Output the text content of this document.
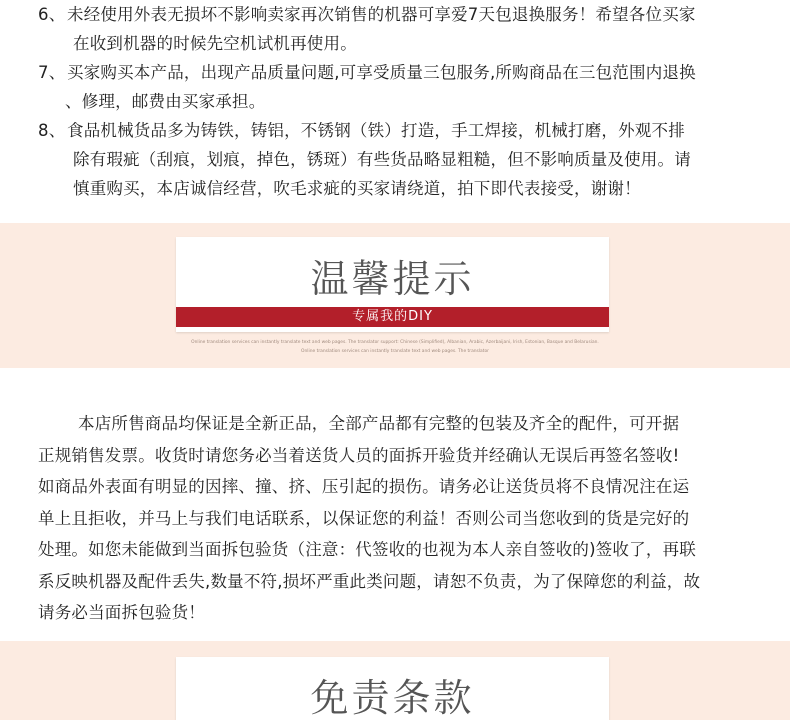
6、 未经使用外表无损坏不影响卖家再次销售的机器可享爱7天包退换服务！希望各位买家
在收到机器的时候先空机试机再使用。
7、 买家购买本产品，出现产品质量问题,可享受质量三包服务,所购商品在三包范围内退换
、修理，邮费由买家承担。
8、 食品机械货品多为铸铁，铸铝，不锈钢（铁）打造，手工焊接，机械打磨，外观不排
除有瑕疵（刮痕，划痕，掉色，锈斑）有些货品略显粗糙，但不影响质量及使用。请
慎重购买，本店诚信经营，吹毛求疵的买家请绕道，拍下即代表接受，谢谢！
温馨提示
专属我的DIY
Online translation services can instantly translate text and web pages. The translator support: Chinese (Simplified), Albanian, Arabic, Azerbaijani, Irish, Estonian, Basque and Belarusian.
Online translation services can instantly translate text and web pages. The translator
本店所售商品均保证是全新正品，全部产品都有完整的包装及齐全的配件，可开据
正规销售发票。收货时请您务必当着送货人员的面拆开验货并经确认无误后再签名签收!
如商品外表面有明显的因摔、撞、挤、压引起的损伤。请务必让送货员将不良情况注在运
单上且拒收，并马上与我们电话联系，以保证您的利益！否则公司当您收到的货是完好的
处理。如您未能做到当面拆包验货（注意：代签收的也视为本人亲自签收的)签收了，再联
系反映机器及配件丢失,数量不符,损坏严重此类问题，请恕不负责，为了保障您的利益，故
请务必当面拆包验货！
免责条款
